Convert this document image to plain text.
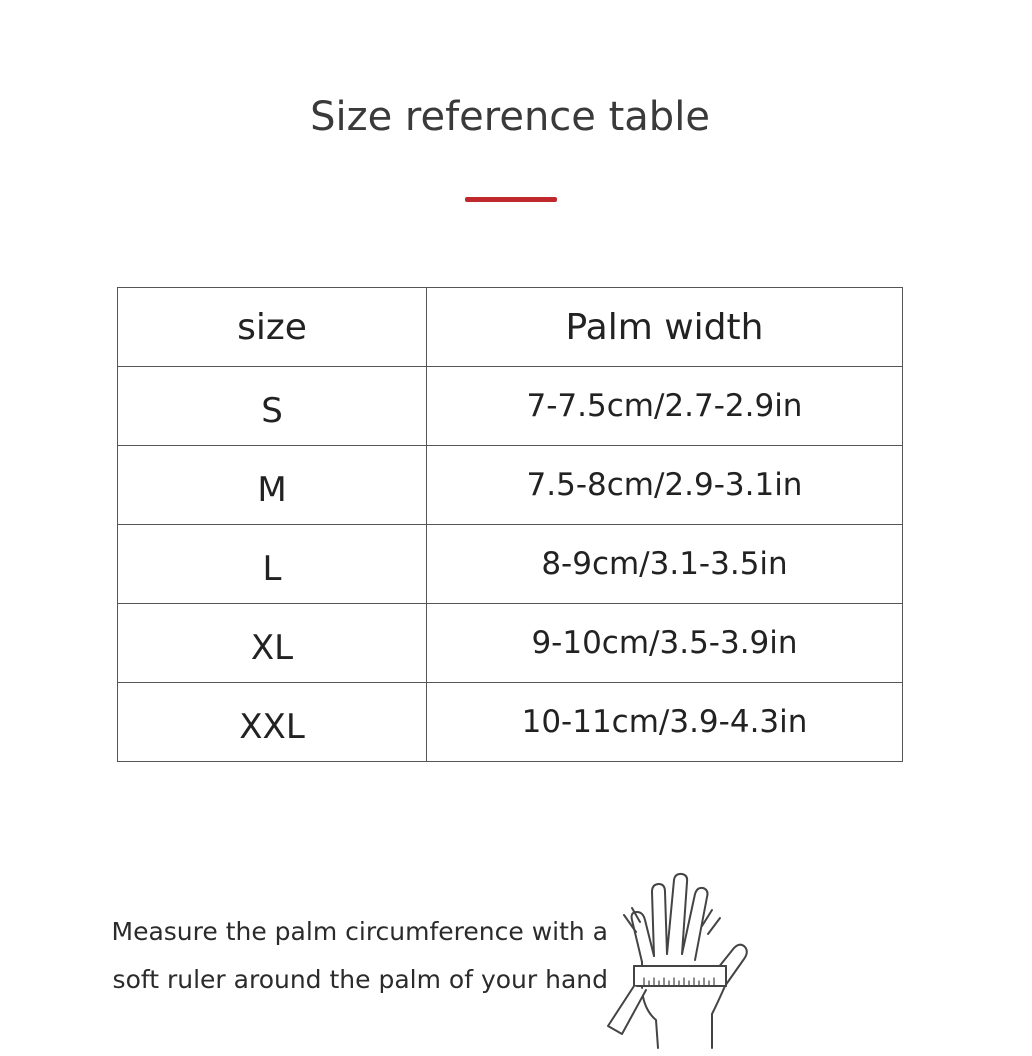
Size reference table
size	Palm width
S	7-7.5cm/2.7-2.9in
M	7.5-8cm/2.9-3.1in
L	8-9cm/3.1-3.5in
XL	9-10cm/3.5-3.9in
XXL	10-11cm/3.9-4.3in
Measure the palm circumference with a
soft ruler around the palm of your hand
